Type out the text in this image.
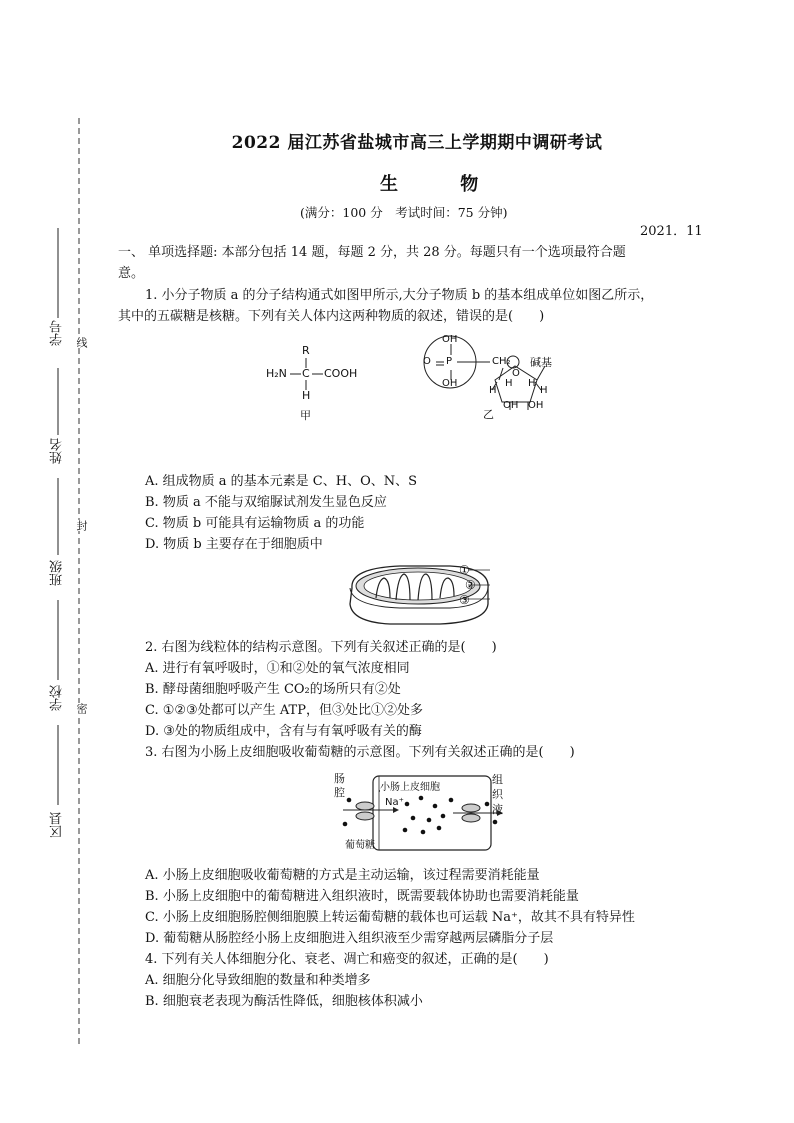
学号
姓名
班级
学校
区县
线
封
密
2022 届江苏省盐城市高三上学期期中调研考试
生 物
(满分：100 分　考试时间：75 分钟)
2021．11
一、 单项选择题: 本部分包括 14 题，每题 2 分，共 28 分。每题只有一个选项最符合题
意。
1. 小分子物质 a 的分子结构通式如图甲所示,大分子物质 b 的基本组成单位如图乙所示，
其中的五碳糖是核糖。下列有关人体内这两种物质的叙述，错误的是(　　)
R
H₂N C COOH
H
甲
OH
O P
OH
CH₂ 碱基
O
H
H H
H
OH OH
乙
A. 组成物质 a 的基本元素是 C、H、O、N、S
B. 物质 a 不能与双缩脲试剂发生显色反应
C. 物质 b 可能具有运输物质 a 的功能
D. 物质 b 主要存在于细胞质中
①
②
③
2. 右图为线粒体的结构示意图。下列有关叙述正确的是(　　)
A. 进行有氧呼吸时，①和②处的氧气浓度相同
B. 酵母菌细胞呼吸产生 CO₂的场所只有②处
C. ①②③处都可以产生 ATP，但③处比①②处多
D. ③处的物质组成中，含有与有氧呼吸有关的酶
3. 右图为小肠上皮细胞吸收葡萄糖的示意图。下列有关叙述正确的是(　　)
肠腔	小肠上皮细胞
Na⁺
组织液
葡萄糖
A. 小肠上皮细胞吸收葡萄糖的方式是主动运输，该过程需要消耗能量
B. 小肠上皮细胞中的葡萄糖进入组织液时，既需要载体协助也需要消耗能量
C. 小肠上皮细胞肠腔侧细胞膜上转运葡萄糖的载体也可运载 Na⁺，故其不具有特异性
D. 葡萄糖从肠腔经小肠上皮细胞进入组织液至少需穿越两层磷脂分子层
4. 下列有关人体细胞分化、衰老、凋亡和癌变的叙述，正确的是(　　)
A. 细胞分化导致细胞的数量和种类增多
B. 细胞衰老表现为酶活性降低，细胞核体积减小
